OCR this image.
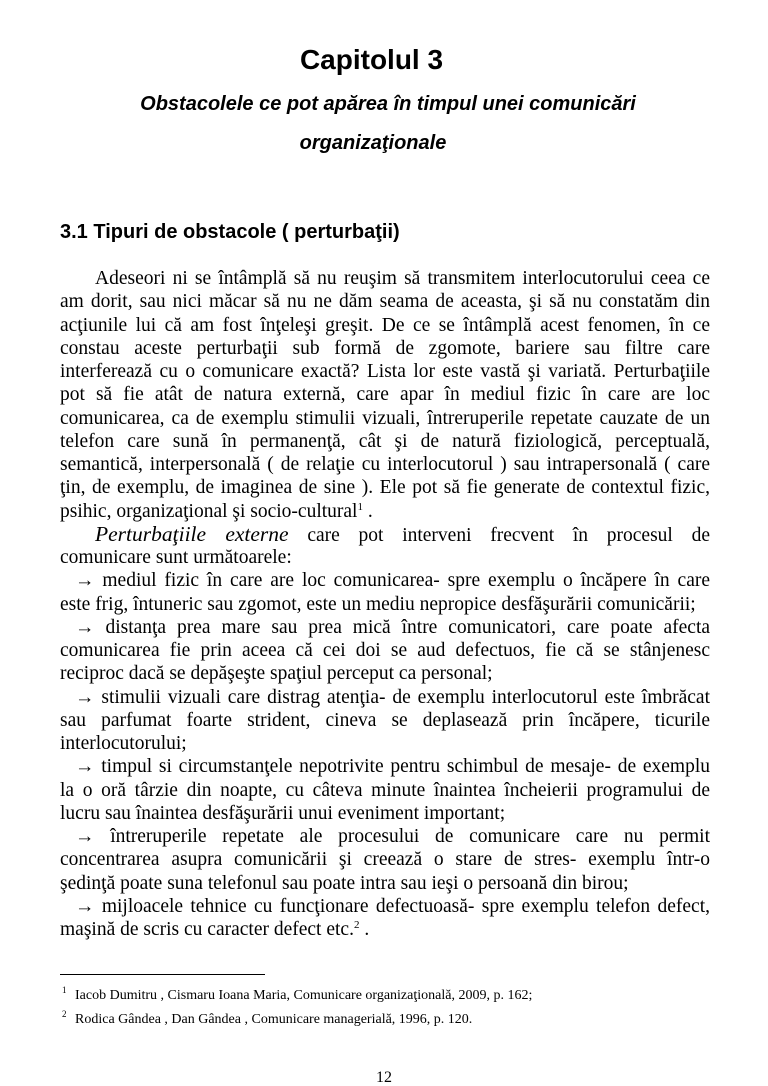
Capitolul 3
Obstacolele ce pot apărea în timpul unei comunicări
organizaţionale
3.1 Tipuri de obstacole ( perturbaţii)
Adeseori ni se întâmplă să nu reuşim să transmitem interlocutorului ceea ce
am dorit, sau nici măcar să nu ne dăm seama de aceasta, şi să nu constatăm din
acţiunile lui că am fost înţeleşi greşit. De ce se întâmplă acest fenomen, în ce
constau aceste perturbaţii sub formă de zgomote, bariere sau filtre care
interferează cu o comunicare exactă? Lista lor este vastă şi variată. Perturbaţiile
pot să fie atât de natura externă, care apar în mediul fizic în care are loc
comunicarea, ca de exemplu stimulii vizuali, întreruperile repetate cauzate de un
telefon care sună în permanenţă, cât şi de natură fiziologică, perceptuală,
semantică, interpersonală ( de relaţie cu interlocutorul ) sau intrapersonală ( care
ţin, de exemplu, de imaginea de sine ). Ele pot să fie generate de contextul fizic,
psihic, organizaţional şi socio-cultural$^1$ .
Perturbaţiile externe care pot interveni frecvent în procesul de
comunicare sunt următoarele:
→ mediul fizic în care are loc comunicarea- spre exemplu o încăpere în care
este frig, întuneric sau zgomot, este un mediu nepropice desfăşurării comunicării;
→ distanţa prea mare sau prea mică între comunicatori, care poate afecta
comunicarea fie prin aceea că cei doi se aud defectuos, fie că se stânjenesc
reciproc dacă se depăşeşte spaţiul perceput ca personal;
→ stimulii vizuali care distrag atenţia- de exemplu interlocutorul este îmbrăcat
sau parfumat foarte strident, cineva se deplasează prin încăpere, ticurile
interlocutorului;
→ timpul si circumstanţele nepotrivite pentru schimbul de mesaje- de exemplu
la o oră târzie din noapte, cu câteva minute înaintea încheierii programului de
lucru sau înaintea desfăşurării unui eveniment important;
→ întreruperile repetate ale procesului de comunicare care nu permit
concentrarea asupra comunicării şi creează o stare de stres- exemplu într-o
şedinţă poate suna telefonul sau poate intra sau ieşi o persoană din birou;
→ mijloacele tehnice cu funcţionare defectuoasă- spre exemplu telefon defect,
maşină de scris cu caracter defect etc.$^2$ .
1 Iacob Dumitru , Cismaru Ioana Maria, Comunicare organizaţională, 2009, p. 162;
2 Rodica Gândea , Dan Gândea , Comunicare managerială, 1996, p. 120.
12
